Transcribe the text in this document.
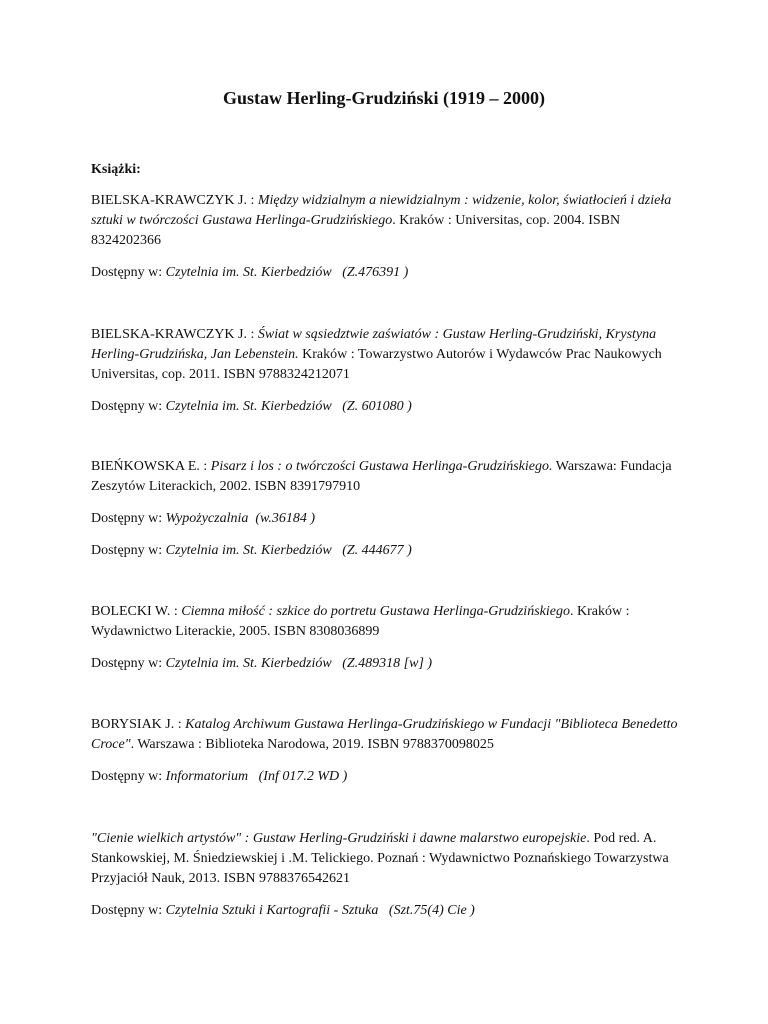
Gustaw Herling-Grudziński (1919 – 2000)
Książki:

BIELSKA-KRAWCZYK J. : Między widzialnym a niewidzialnym : widzenie, kolor, światłocień i dzieła sztuki w twórczości Gustawa Herlinga-Grudzińskiego. Kraków : Universitas, cop. 2004. ISBN 8324202366

Dostępny w: Czytelnia im. St. Kierbedziów (Z.476391 )

BIELSKA-KRAWCZYK J. : Świat w sąsiedztwie zaświatów : Gustaw Herling-Grudziński, Krystyna Herling-Grudzińska, Jan Lebenstein. Kraków : Towarzystwo Autorów i Wydawców Prac Naukowych Universitas, cop. 2011. ISBN 9788324212071

Dostępny w: Czytelnia im. St. Kierbedziów (Z. 601080 )

BIEŃKOWSKA E. : Pisarz i los : o twórczości Gustawa Herlinga-Grudzińskiego. Warszawa: Fundacja Zeszytów Literackich, 2002. ISBN 8391797910

Dostępny w: Wypożyczalnia (w.36184 )

Dostępny w: Czytelnia im. St. Kierbedziów (Z. 444677 )

BOLECKI W. : Ciemna miłość : szkice do portretu Gustawa Herlinga-Grudzińskiego. Kraków : Wydawnictwo Literackie, 2005. ISBN 8308036899

Dostępny w: Czytelnia im. St. Kierbedziów (Z.489318 [w] )

BORYSIAK J. : Katalog Archiwum Gustawa Herlinga-Grudzińskiego w Fundacji "Biblioteca Benedetto Croce". Warszawa : Biblioteka Narodowa, 2019. ISBN 9788370098025

Dostępny w: Informatorium (Inf 017.2 WD )

"Cienie wielkich artystów" : Gustaw Herling-Grudziński i dawne malarstwo europejskie. Pod red. A. Stankowskiej, M. Śniedziewskiej i .M. Telickiego. Poznań : Wydawnictwo Poznańskiego Towarzystwa Przyjaciół Nauk, 2013. ISBN 9788376542621

Dostępny w: Czytelnia Sztuki i Kartografii - Sztuka (Szt.75(4) Cie )
